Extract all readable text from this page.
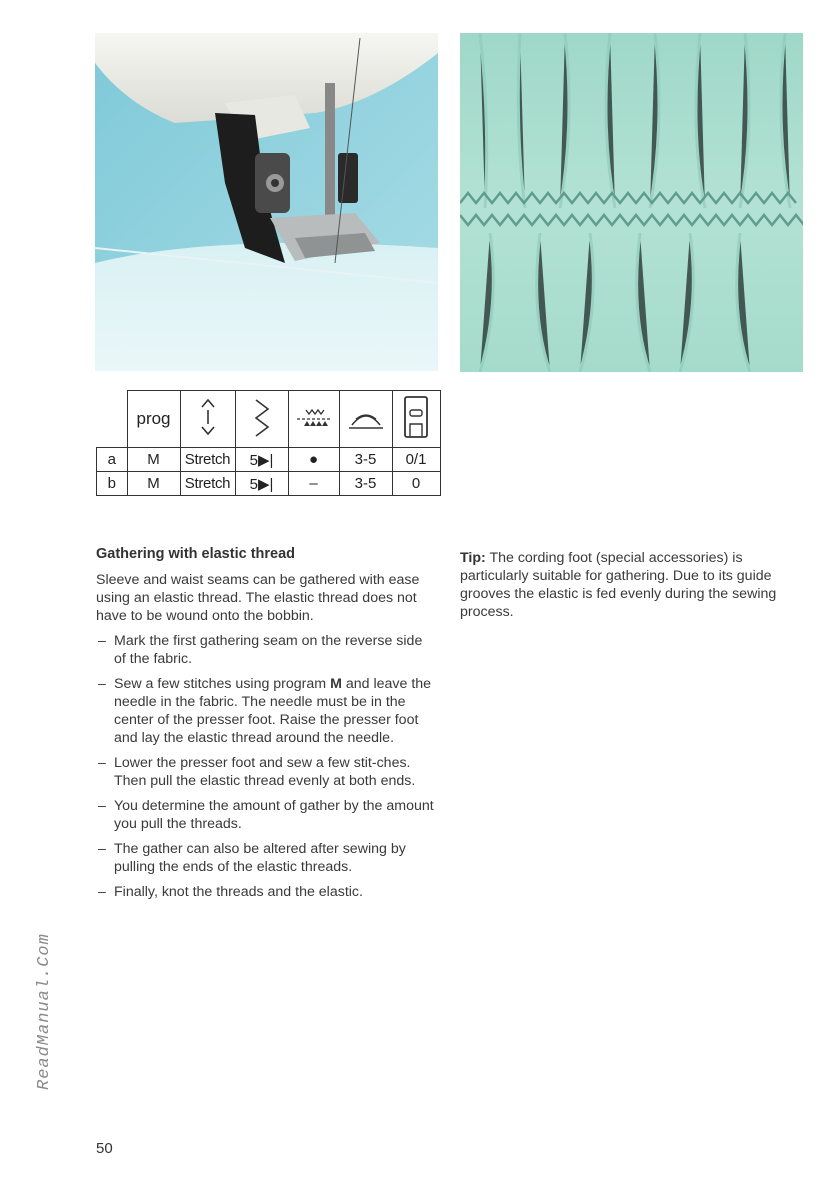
	prog					
a	M	Stretch	5▶|	●	3-5	0/1
b	M	Stretch	5▶|	–	3-5	0
Gathering with elastic thread

Sleeve and waist seams can be gathered with ease using an elastic thread. The elastic thread does not have to be wound onto the bobbin.

– Mark the first gathering seam on the reverse side of the fabric.
– Sew a few stitches using program M and leave the needle in the fabric. The needle must be in the center of the presser foot. Raise the presser foot and lay the elastic thread around the needle.
– Lower the presser foot and sew a few stit-ches. Then pull the elastic thread evenly at both ends.
– You determine the amount of gather by the amount you pull the threads.
– The gather can also be altered after sewing by pulling the ends of the elastic threads.
– Finally, knot the threads and the elastic.
Tip: The cording foot (special accessories) is particularly suitable for gathering. Due to its guide grooves the elastic is fed evenly during the sewing process.
50
ReadManual.Com
